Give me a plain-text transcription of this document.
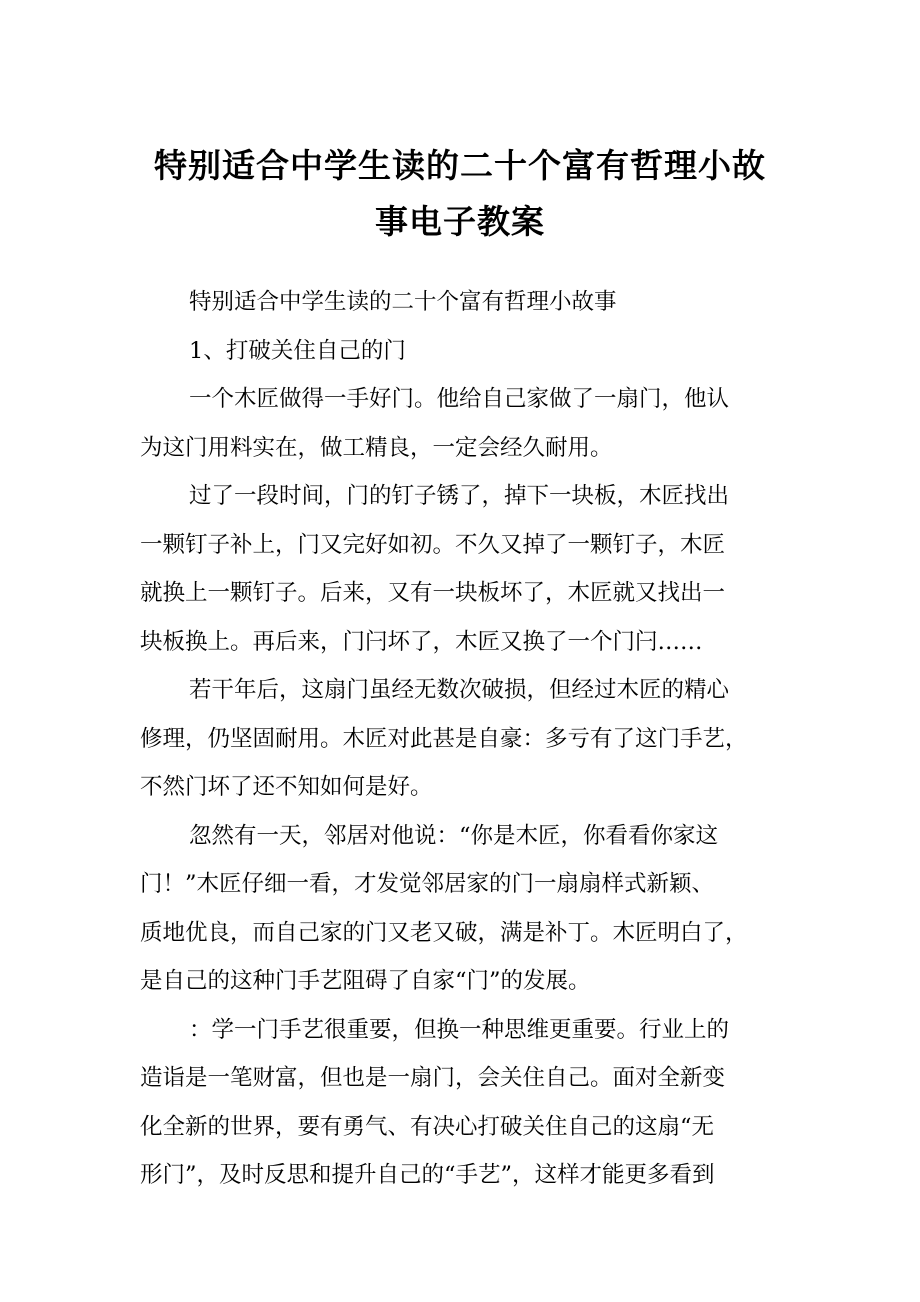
特别适合中学生读的二十个富有哲理小故
事电子教案
特别适合中学生读的二十个富有哲理小故事
1、打破关住自己的门
一个木匠做得一手好门。他给自己家做了一扇门，他认
为这门用料实在，做工精良，一定会经久耐用。
过了一段时间，门的钉子锈了，掉下一块板，木匠找出
一颗钉子补上，门又完好如初。不久又掉了一颗钉子，木匠
就换上一颗钉子。后来，又有一块板坏了，木匠就又找出一
块板换上。再后来，门闩坏了，木匠又换了一个门闩……
若干年后，这扇门虽经无数次破损，但经过木匠的精心
修理，仍坚固耐用。木匠对此甚是自豪：多亏有了这门手艺，
不然门坏了还不知如何是好。
忽然有一天，邻居对他说：“你是木匠，你看看你家这
门！”木匠仔细一看，才发觉邻居家的门一扇扇样式新颖、
质地优良，而自己家的门又老又破，满是补丁。木匠明白了，
是自己的这种门手艺阻碍了自家“门”的发展。
：学一门手艺很重要，但换一种思维更重要。行业上的
造诣是一笔财富，但也是一扇门，会关住自己。面对全新变
化全新的世界，要有勇气、有决心打破关住自己的这扇“无
形门”，及时反思和提升自己的“手艺”，这样才能更多看到
